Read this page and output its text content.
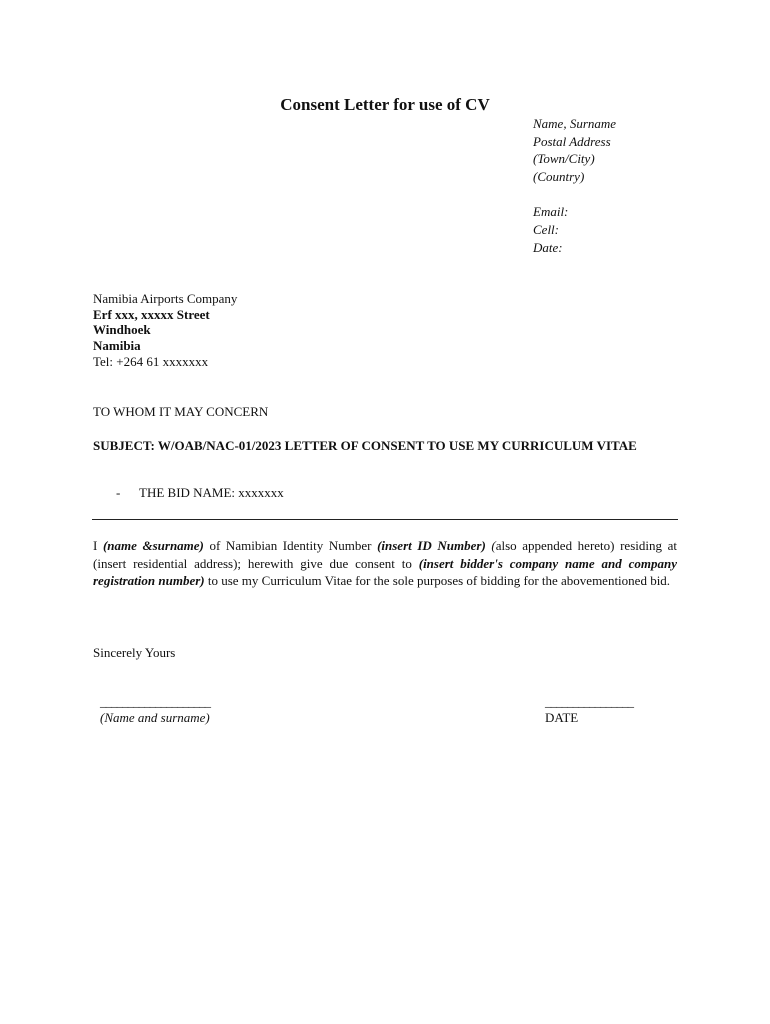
Consent Letter for use of CV
Name, Surname
Postal Address
(Town/City)
(Country)
Email:
Cell:
Date:
Namibia Airports Company
Erf xxx, xxxxx Street
Windhoek
Namibia
Tel: +264 61 xxxxxxx
TO WHOM IT MAY CONCERN
SUBJECT: W/OAB/NAC-01/2023 LETTER OF CONSENT TO USE MY CURRICULUM VITAE
- THE BID NAME: xxxxxxx
I (name &surname) of Namibian Identity Number (insert ID Number) (also appended hereto) residing at (insert residential address); herewith give due consent to (insert bidder's company name and company registration number) to use my Curriculum Vitae for the sole purposes of bidding for the abovementioned bid.
Sincerely Yours
____________________
(Name and surname)
________________
DATE
